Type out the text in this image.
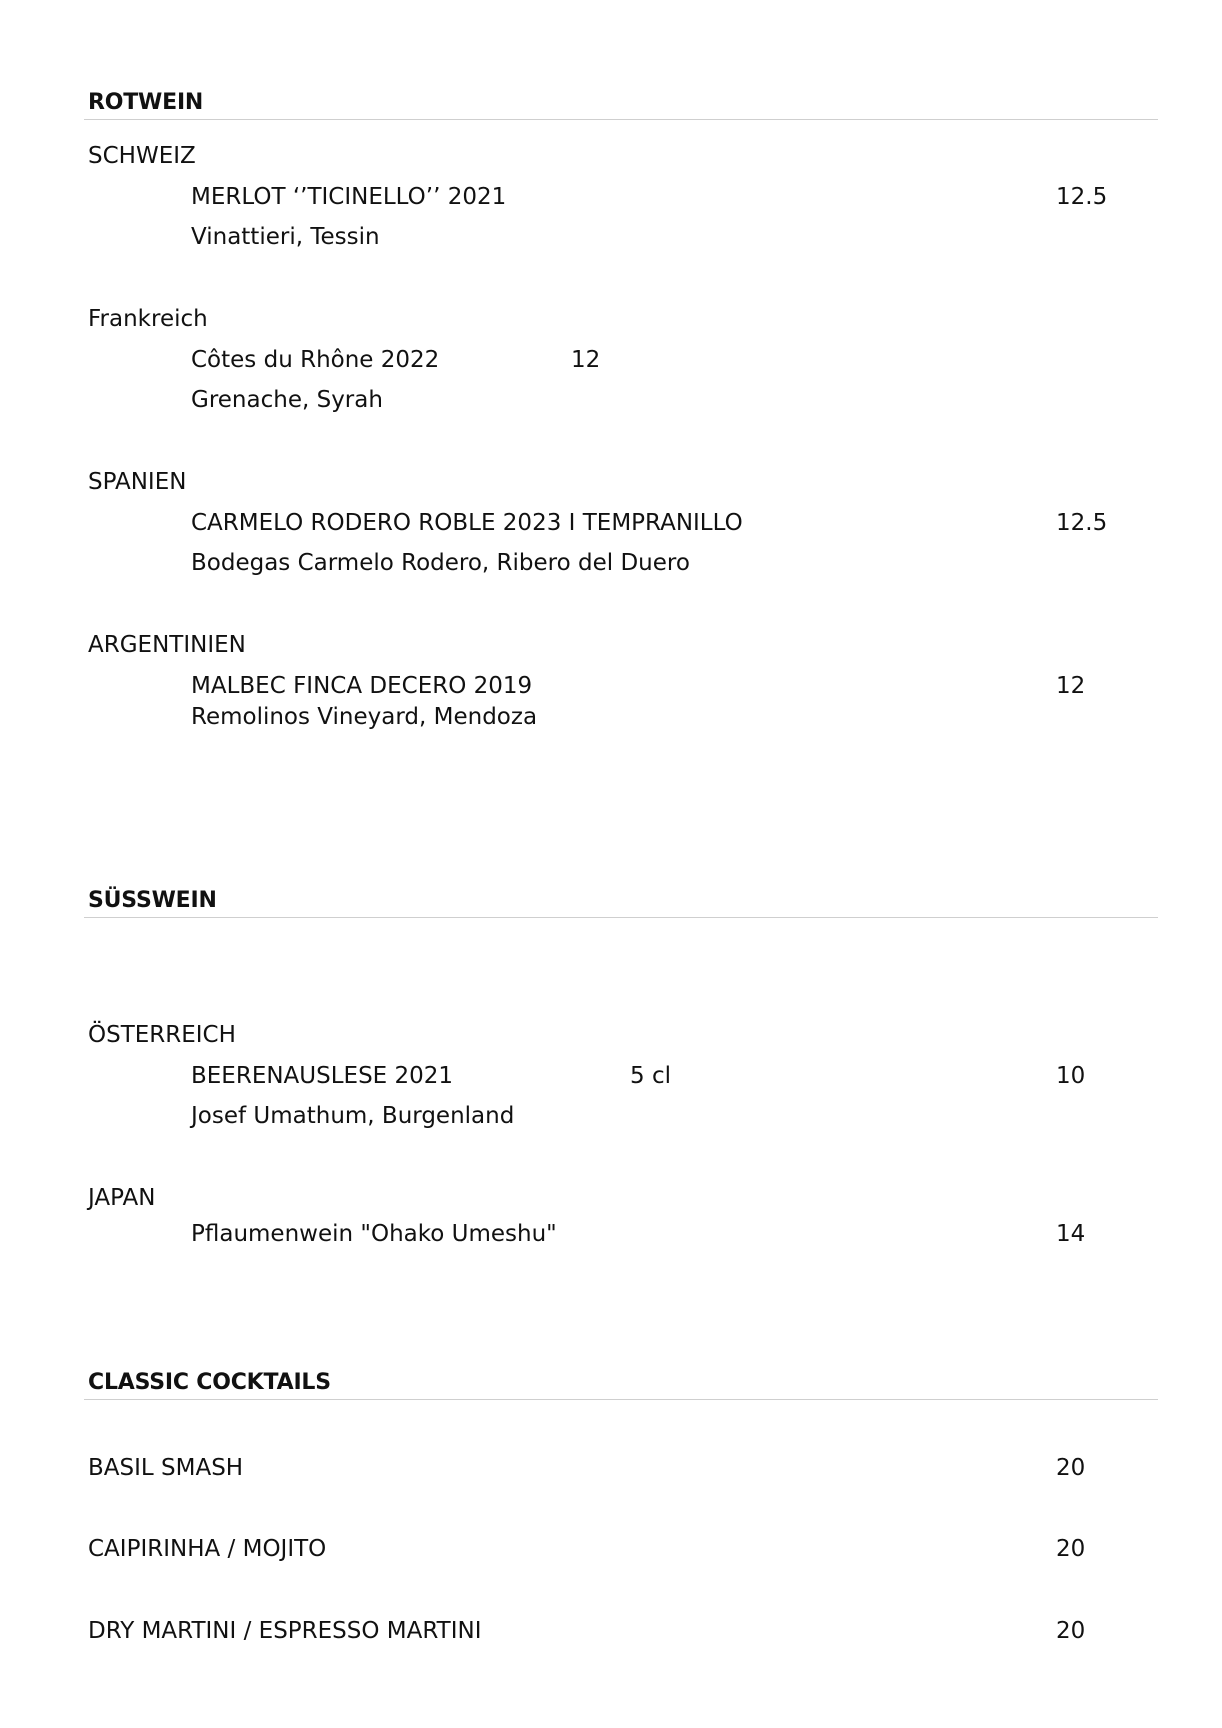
ROTWEIN
SCHWEIZ
MERLOT ‘’TICINELLO’’ 2021	12.5
Vinattieri, Tessin
Frankreich
Côtes du Rhône 2022	12
Grenache, Syrah
SPANIEN
CARMELO RODERO ROBLE 2023 I TEMPRANILLO	12.5
Bodegas Carmelo Rodero, Ribero del Duero
ARGENTINIEN
MALBEC FINCA DECERO 2019	12
Remolinos Vineyard, Mendoza
SÜSSWEIN
ÖSTERREICH
BEERENAUSLESE 2021	5 cl	10
Josef Umathum, Burgenland
JAPAN
Pflaumenwein "Ohako Umeshu"	14
CLASSIC COCKTAILS
BASIL SMASH	20
CAIPIRINHA / MOJITO	20
DRY MARTINI / ESPRESSO MARTINI	20
